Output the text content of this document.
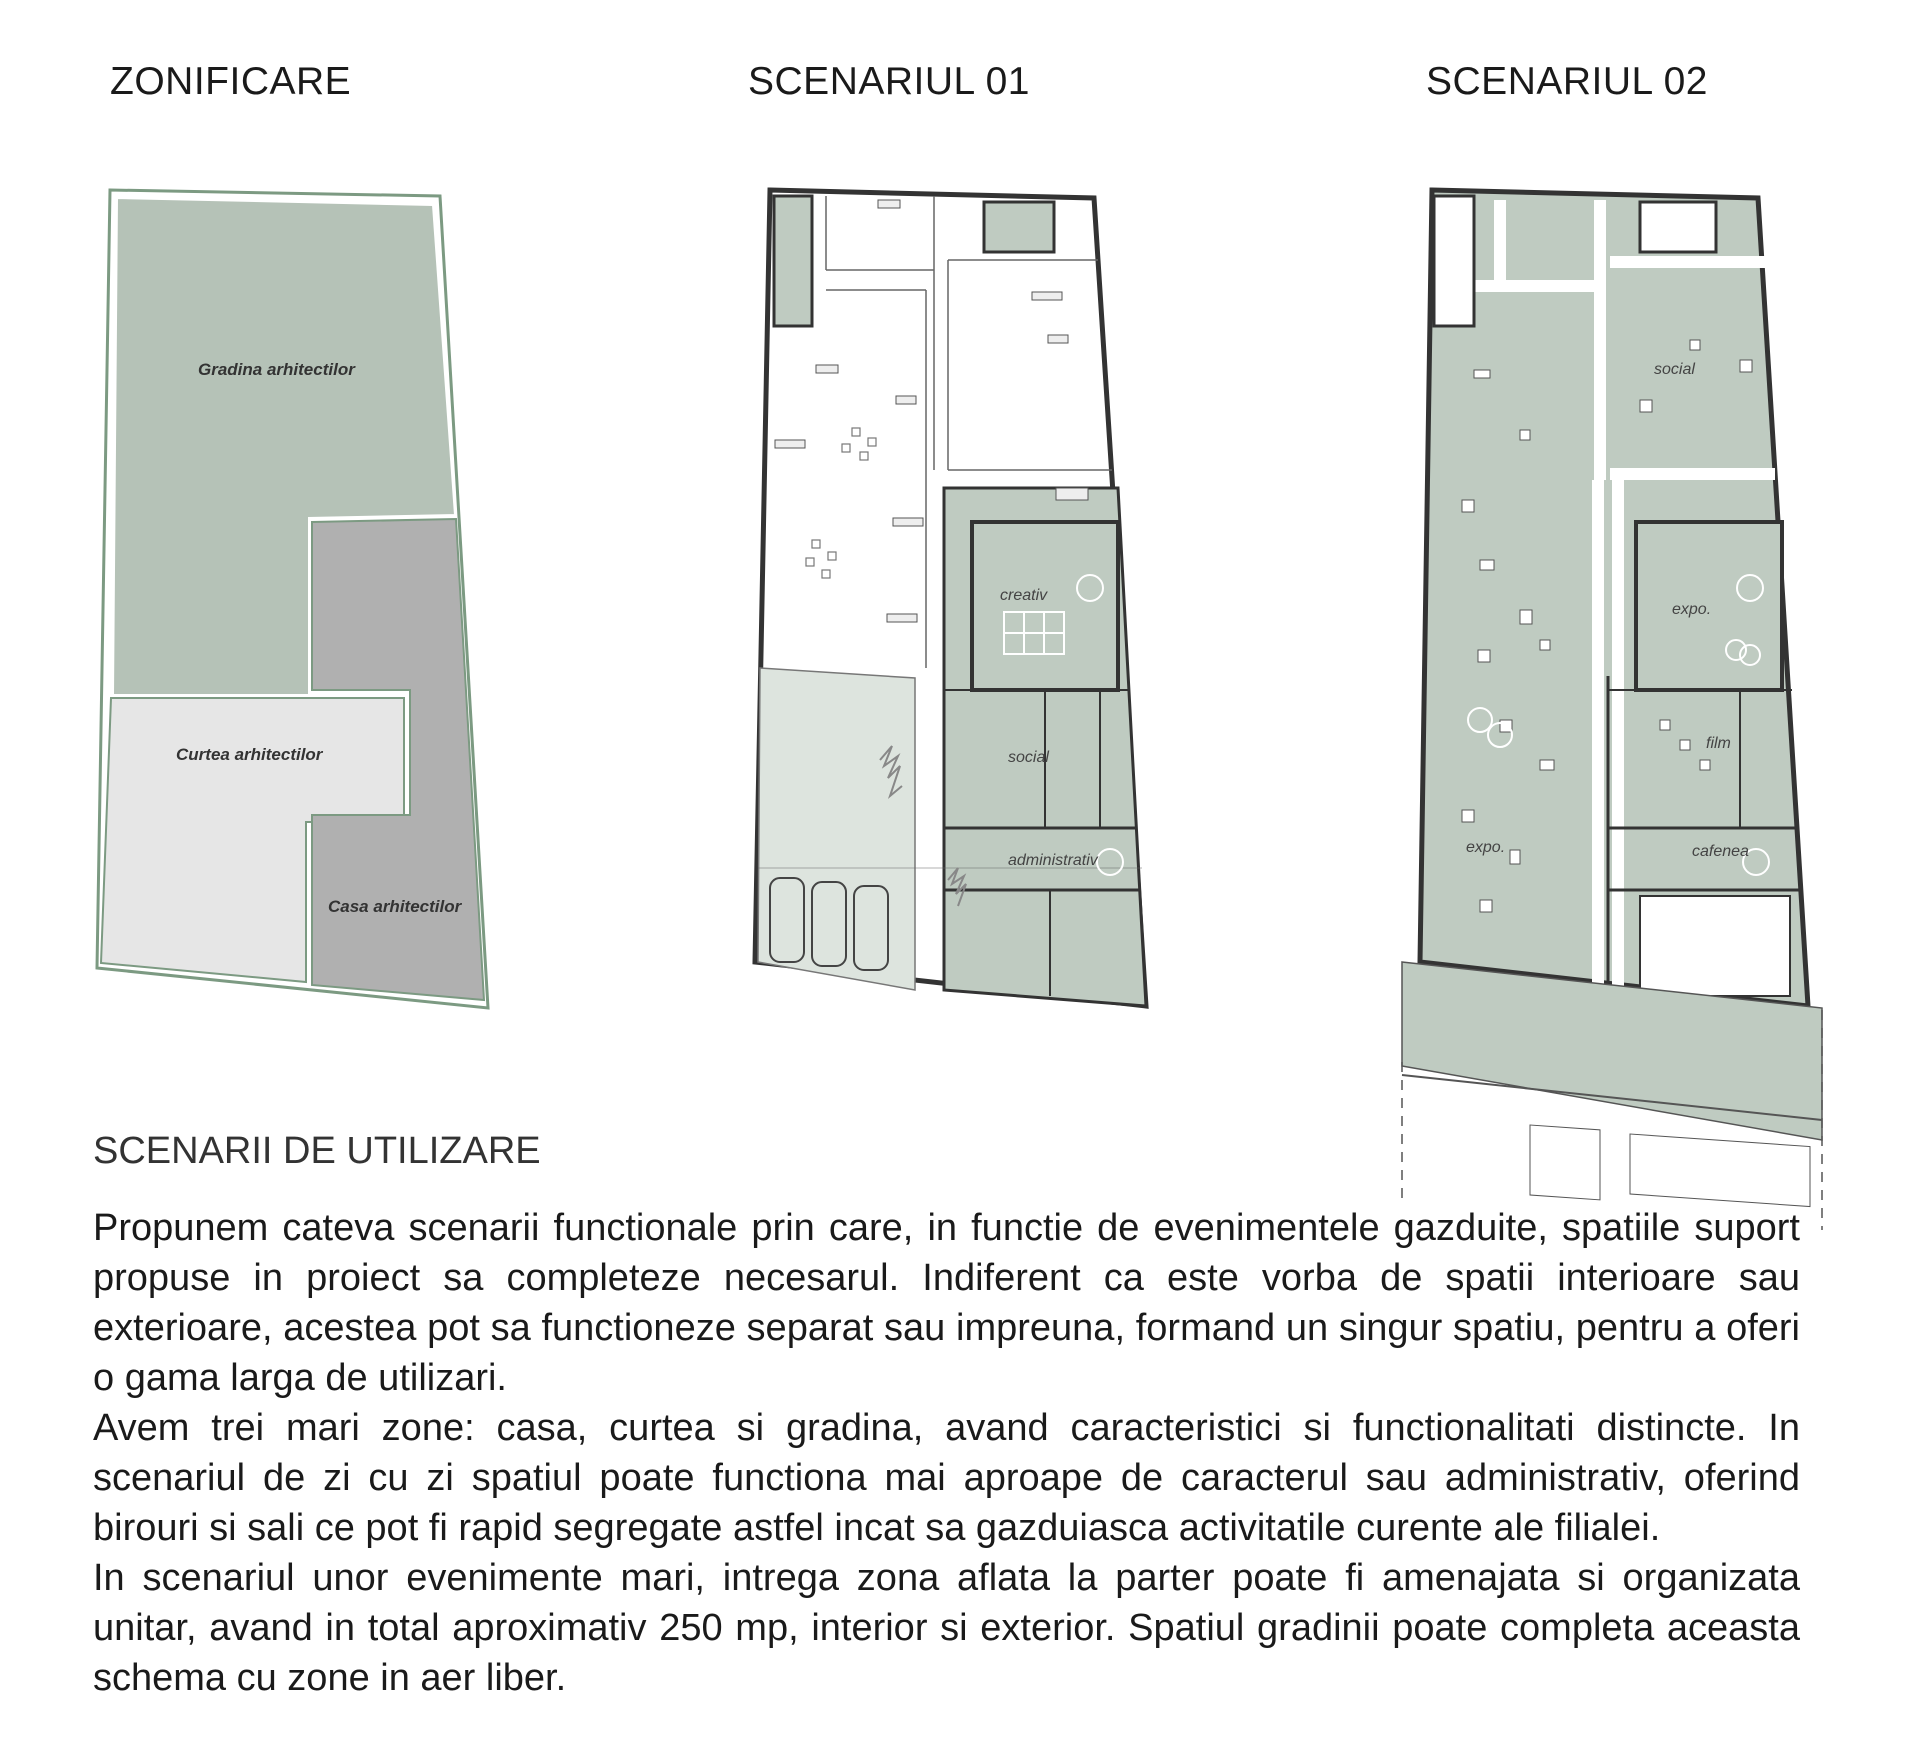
ZONIFICARE	SCENARIUL 01	SCENARIUL 02
Gradina arhitectilor
Curtea arhitectilor
Casa arhitectilor
creativ
social
administrativ
social
expo.
film
expo.	cafenea
SCENARII DE UTILIZARE

Propunem cateva scenarii functionale prin care, in functie de evenimentele gazduite, spatiile suport propuse in proiect sa completeze necesarul. Indiferent ca este vorba de spatii interioare sau exterioare, acestea pot sa functioneze separat sau impreuna, formand un singur spatiu, pentru a oferi o gama larga de utilizari.

Avem trei mari zone: casa, curtea si gradina, avand caracteristici si functionalitati distincte. In scenariul de zi cu zi spatiul poate functiona mai aproape de caracterul sau administrativ, oferind birouri si sali ce pot fi rapid segregate astfel incat sa gazduiasca activitatile curente ale filialei.

In scenariul unor evenimente mari, intrega zona aflata la parter poate fi amenajata si organizata unitar, avand in total aproximativ 250 mp, interior si exterior. Spatiul gradinii poate completa aceasta schema cu zone in aer liber.
